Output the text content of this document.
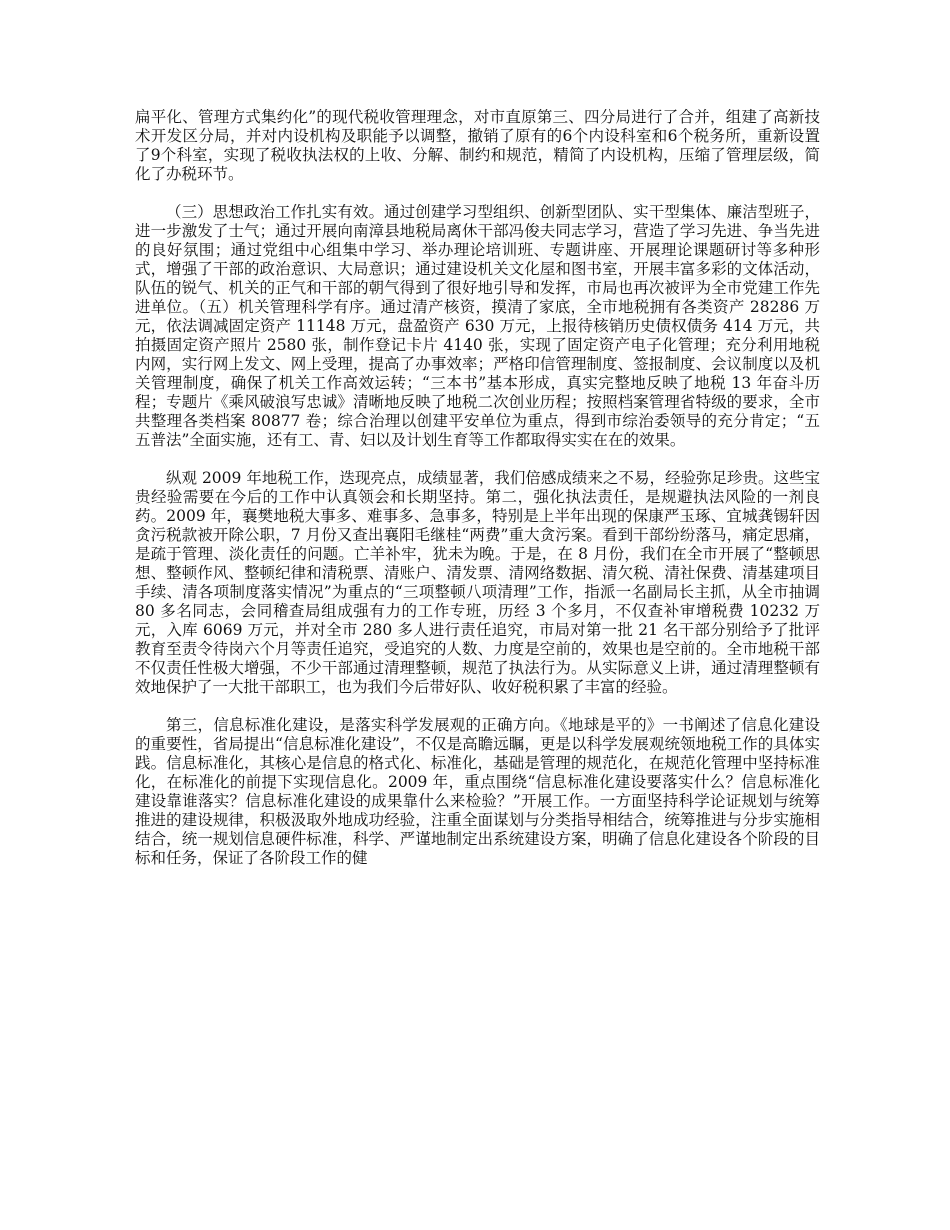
扁平化、管理方式集约化”的现代税收管理理念，对市直原第三、四分局进行了合并，组建了高新技术开发区分局，并对内设机构及职能予以调整，撤销了原有的6个内设科室和6个税务所，重新设置了9个科室，实现了税收执法权的上收、分解、制约和规范，精简了内设机构，压缩了管理层级，简化了办税环节。

（三）思想政治工作扎实有效。通过创建学习型组织、创新型团队、实干型集体、廉洁型班子，进一步激发了士气；通过开展向南漳县地税局离休干部冯俊夫同志学习，营造了学习先进、争当先进的良好氛围；通过党组中心组集中学习、举办理论培训班、专题讲座、开展理论课题研讨等多种形式，增强了干部的政治意识、大局意识；通过建设机关文化屋和图书室，开展丰富多彩的文体活动，队伍的锐气、机关的正气和干部的朝气得到了很好地引导和发挥，市局也再次被评为全市党建工作先进单位。（五）机关管理科学有序。通过清产核资，摸清了家底，全市地税拥有各类资产 28286 万元，依法调减固定资产 11148 万元，盘盈资产 630 万元，上报待核销历史债权债务 414 万元，共拍摄固定资产照片 2580 张，制作登记卡片 4140 张，实现了固定资产电子化管理；充分利用地税内网，实行网上发文、网上受理，提高了办事效率；严格印信管理制度、签报制度、会议制度以及机关管理制度，确保了机关工作高效运转；“三本书”基本形成，真实完整地反映了地税 13 年奋斗历程；专题片《乘风破浪写忠诚》清晰地反映了地税二次创业历程；按照档案管理省特级的要求，全市共整理各类档案 80877 卷；综合治理以创建平安单位为重点，得到市综治委领导的充分肯定；“五五普法”全面实施，还有工、青、妇以及计划生育等工作都取得实实在在的效果。

纵观 2009 年地税工作，迭现亮点，成绩显著，我们倍感成绩来之不易，经验弥足珍贵。这些宝贵经验需要在今后的工作中认真领会和长期坚持。第二，强化执法责任，是规避执法风险的一剂良药。2009 年，襄樊地税大事多、难事多、急事多，特别是上半年出现的保康严玉琢、宜城龚锡轩因贪污税款被开除公职，7 月份又查出襄阳毛继桂“两费”重大贪污案。看到干部纷纷落马，痛定思痛，是疏于管理、淡化责任的问题。亡羊补牢，犹未为晚。于是，在 8 月份，我们在全市开展了“整顿思想、整顿作风、整顿纪律和清税票、清账户、清发票、清网络数据、清欠税、清社保费、清基建项目手续、清各项制度落实情况”为重点的“三项整顿八项清理”工作，指派一名副局长主抓，从全市抽调 80 多名同志，会同稽查局组成强有力的工作专班，历经 3 个多月，不仅查补审增税费 10232 万元，入库 6069 万元，并对全市 280 多人进行责任追究，市局对第一批 21 名干部分别给予了批评教育至责令待岗六个月等责任追究，受追究的人数、力度是空前的，效果也是空前的。全市地税干部不仅责任性极大增强，不少干部通过清理整顿，规范了执法行为。从实际意义上讲，通过清理整顿有效地保护了一大批干部职工，也为我们今后带好队、收好税积累了丰富的经验。

第三，信息标准化建设，是落实科学发展观的正确方向。《地球是平的》一书阐述了信息化建设的重要性，省局提出“信息标准化建设”，不仅是高瞻远瞩，更是以科学发展观统领地税工作的具体实践。信息标准化，其核心是信息的格式化、标准化，基础是管理的规范化，在规范化管理中坚持标准化，在标准化的前提下实现信息化。2009 年，重点围绕“信息标准化建设要落实什么？信息标准化建设靠谁落实？信息标准化建设的成果靠什么来检验？”开展工作。一方面坚持科学论证规划与统筹推进的建设规律，积极汲取外地成功经验，注重全面谋划与分类指导相结合，统筹推进与分步实施相结合，统一规划信息硬件标准，科学、严谨地制定出系统建设方案，明确了信息化建设各个阶段的目标和任务，保证了各阶段工作的健
